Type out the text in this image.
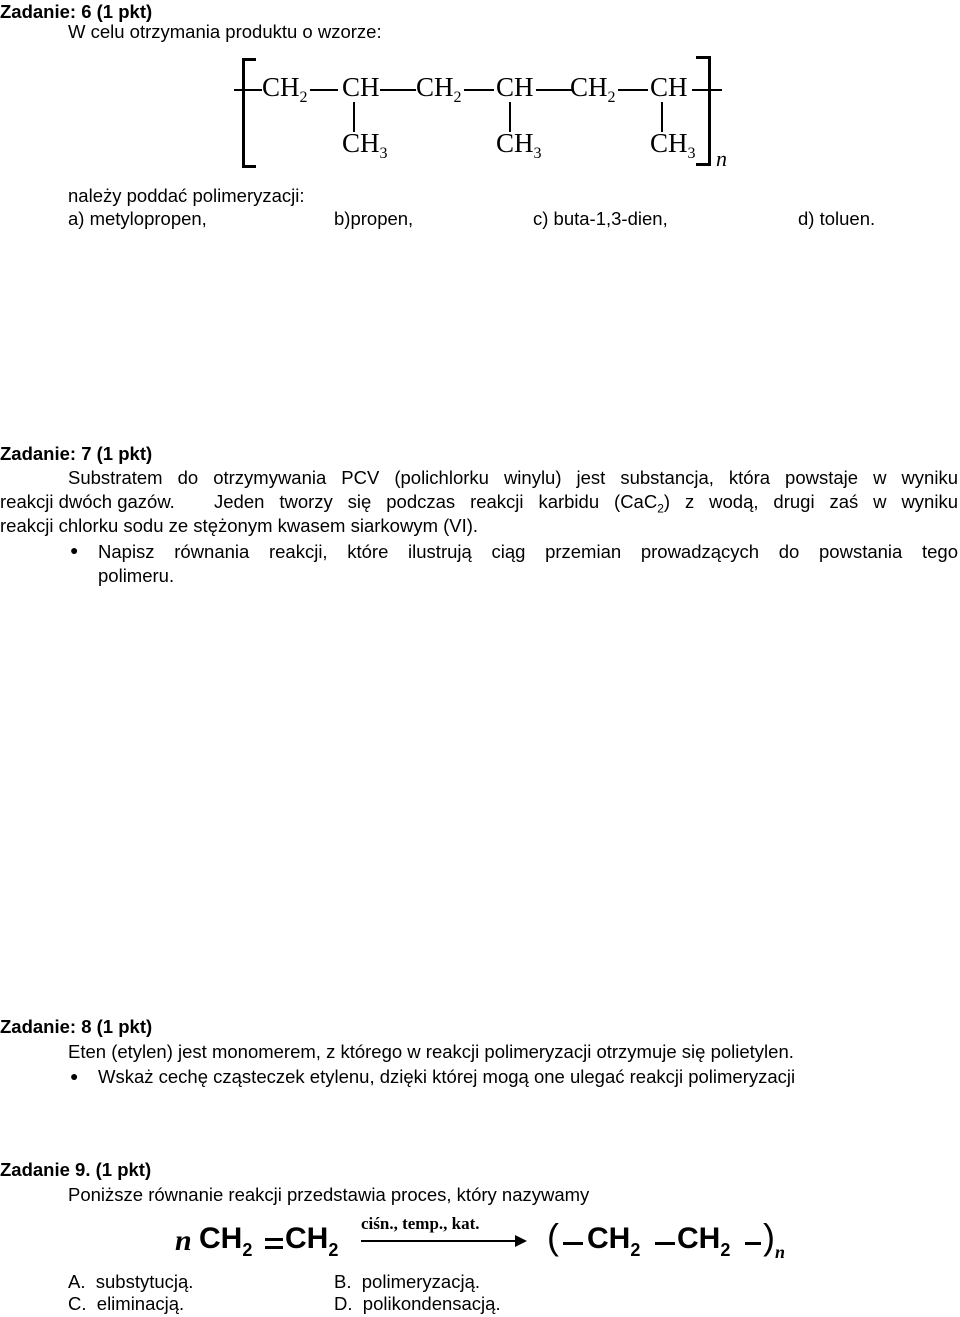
Zadanie: 6 (1 pkt)
W celu otrzymania produktu o wzorze:
$CH_2$ CH $CH_2$ CH $CH_2$ CH
$CH_3$	$CH_3$	$CH_3$ n
należy poddać polimeryzacji:
a) metylopropen,	b)propen,	c) buta-1,3-dien,	d) toluen.
Zadanie: 7 (1 pkt)
Substratem do otrzymywania PCV (polichlorku winylu) jest substancja, która powstaje w wyniku
reakcji dwóch gazów. Jeden tworzy się podczas reakcji karbidu (CaC$_2$) z wodą, drugi zaś w wyniku
reakcji chlorku sodu ze stężonym kwasem siarkowym (VI).
● Napisz równania reakcji, które ilustrują ciąg przemian prowadzących do powstania tego
polimeru.
Zadanie: 8 (1 pkt)
Eten (etylen) jest monomerem, z którego w reakcji polimeryzacji otrzymuje się polietylen.
● Wskaż cechę cząsteczek etylenu, dzięki której mogą one ulegać reakcji polimeryzacji
Zadanie 9. (1 pkt)
Poniższe równanie reakcji przedstawia proces, który nazywamy
n $CH_2$ $CH_2$
ciśn., temp., kat. ( $CH_2$ $CH_2$ ) n
A. substytucją.	B. polimeryzacją.
C. eliminacją.	D. polikondensacją.
